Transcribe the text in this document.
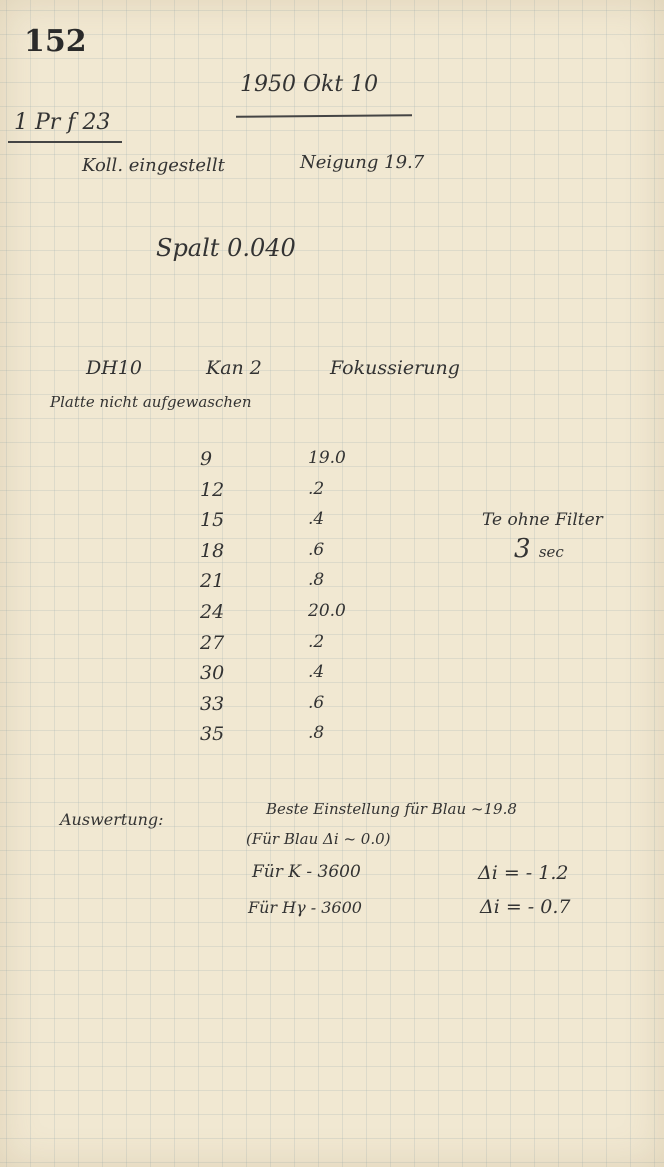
152
1950 Okt 10
1 Pr f 23
Koll. eingestellt	Neigung 19.7
Spalt 0.040
DH10	Kan 2	Fokussierung
Platte nicht aufgewaschen
9	19.0
12	.2
15	.4
18	.6
21	.8
24	20.0
27	.2
30	.4
33	.6
35	.8
Te ohne Filter
3 sec
Auswertung:
Beste Einstellung für Blau ~19.8
(Für Blau Δi ~ 0.0)
Für K - 3600	Δi = - 1.2
Für Hγ - 3600	Δi = - 0.7
